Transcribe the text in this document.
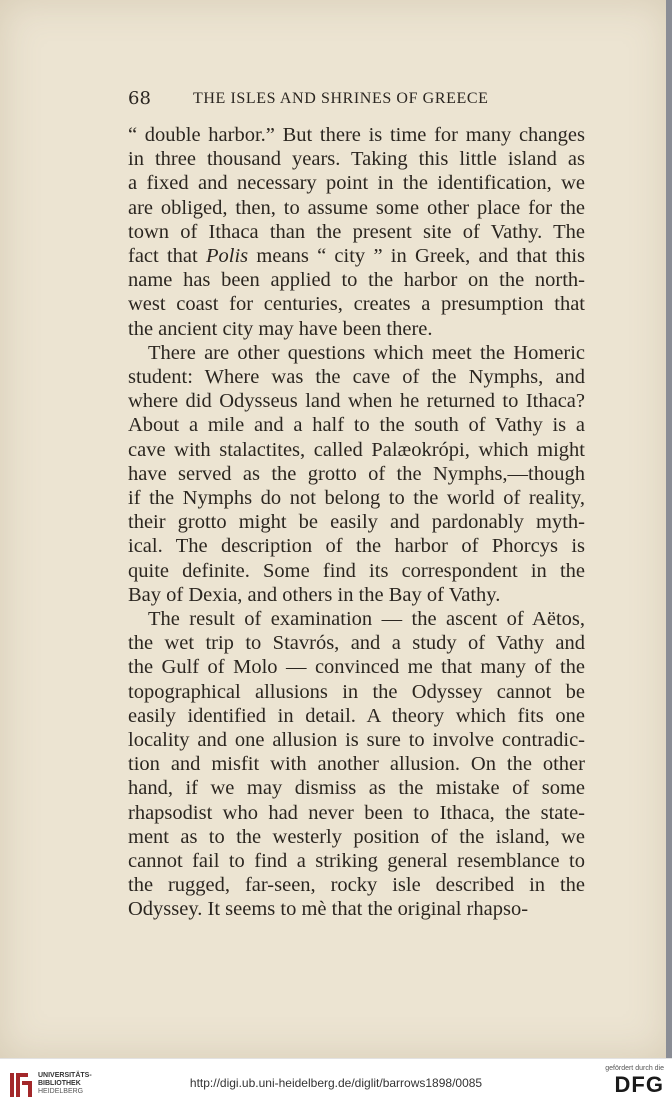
68	THE ISLES AND SHRINES OF GREECE
“ double harbor.” But there is time for many changes
in three thousand years. Taking this little island as
a fixed and necessary point in the identification, we
are obliged, then, to assume some other place for the
town of Ithaca than the present site of Vathy. The
fact that Polis means “ city ” in Greek, and that this
name has been applied to the harbor on the north-
west coast for centuries, creates a presumption that
the ancient city may have been there.
There are other questions which meet the Homeric
student: Where was the cave of the Nymphs, and
where did Odysseus land when he returned to Ithaca?
About a mile and a half to the south of Vathy is a
cave with stalactites, called Palæokrópi, which might
have served as the grotto of the Nymphs,—though
if the Nymphs do not belong to the world of reality,
their grotto might be easily and pardonably myth-
ical. The description of the harbor of Phorcys is
quite definite. Some find its correspondent in the
Bay of Dexia, and others in the Bay of Vathy.
The result of examination — the ascent of Aëtos,
the wet trip to Stavrós, and a study of Vathy and
the Gulf of Molo — convinced me that many of the
topographical allusions in the Odyssey cannot be
easily identified in detail. A theory which fits one
locality and one allusion is sure to involve contradic-
tion and misfit with another allusion. On the other
hand, if we may dismiss as the mistake of some
rhapsodist who had never been to Ithaca, the state-
ment as to the westerly position of the island, we
cannot fail to find a striking general resemblance to
the rugged, far-seen, rocky isle described in the
Odyssey. It seems to mè that the original rhapso-
UNIVERSITÄTS-
BIBLIOTHEK
HEIDELBERG
http://digi.ub.uni-heidelberg.de/diglit/barrows1898/0085
gefördert durch die
DFG
